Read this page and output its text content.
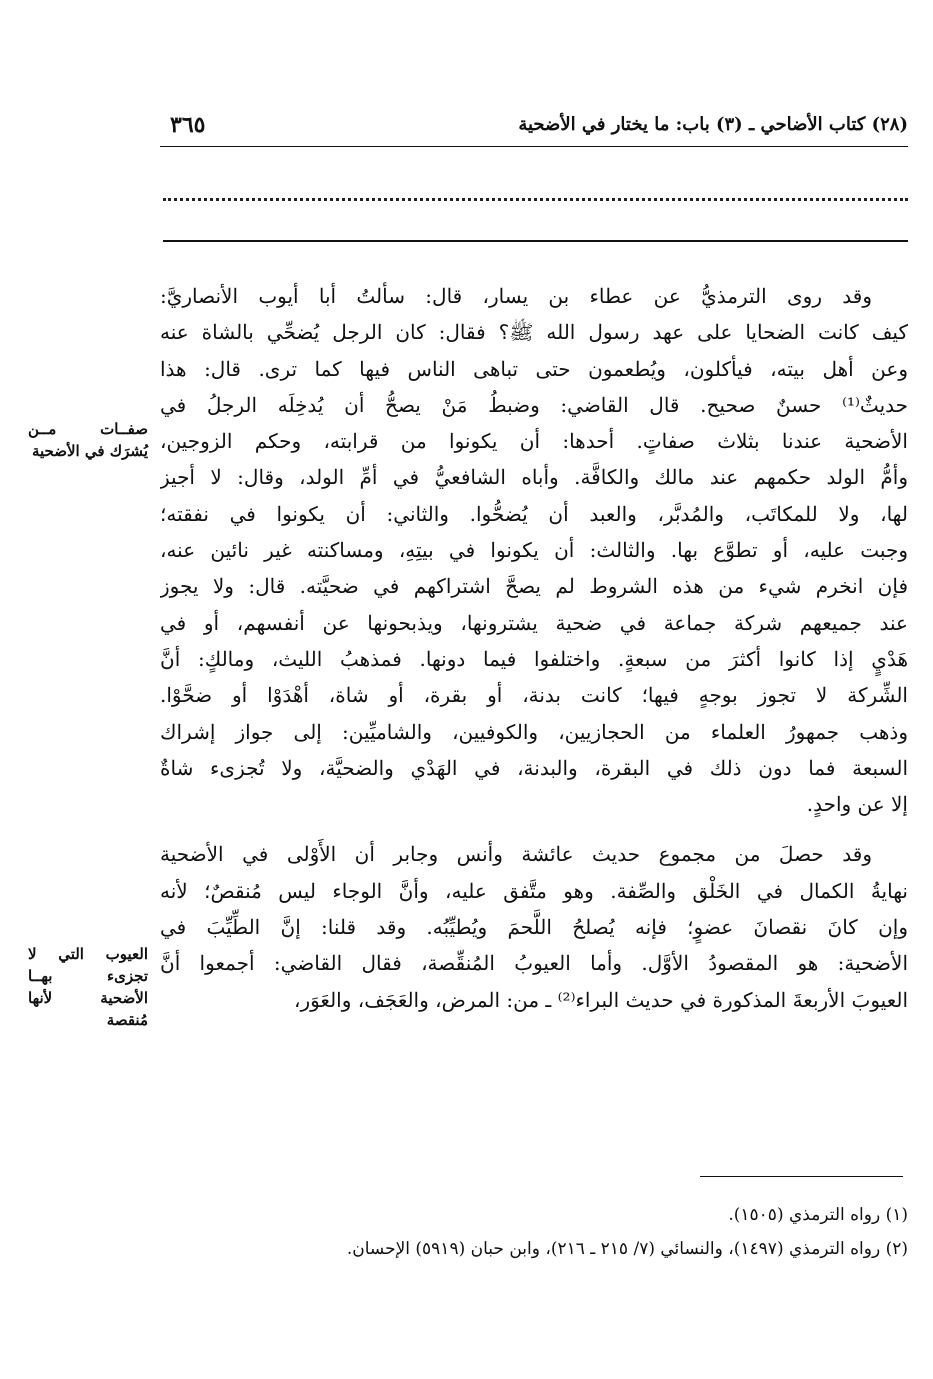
(٢٨) كتاب الأضاحي ـ (٣) باب: ما يختار في الأضحية
٣٦٥
وقد روى الترمذيُّ عن عطاء بن يسار، قال: سألتُ أبا أيوب الأنصاريَّ:
كيف كانت الضحايا على عهد رسول الله ﷺ؟ فقال: كان الرجل يُضحِّي بالشاة عنه
وعن أهل بيته، فيأكلون، ويُطعمون حتى تباهى الناس فيها كما ترى. قال: هذا
حديثٌ⁽¹⁾ حسنٌ صحيح. قال القاضي: وضبطُ مَنْ يصحُّ أن يُدخِلَه الرجلُ في
الأضحية عندنا بثلاث صفاتٍ. أحدها: أن يكونوا من قرابته، وحكم الزوجين،
وأمُّ الولد حكمهم عند مالك والكافَّة. وأباه الشافعيُّ في أمِّ الولد، وقال: لا أجيز
لها، ولا للمكاتَب، والمُدبَّر، والعبد أن يُضحُّوا. والثاني: أن يكونوا في نفقته؛
وجبت عليه، أو تطوَّع بها. والثالث: أن يكونوا في بيتِهِ، ومساكنته غير نائين عنه،
فإن انخرم شيء من هذه الشروط لم يصحَّ اشتراكهم في ضحيَّته. قال: ولا يجوز
عند جميعهم شركة جماعة في ضحية يشترونها، ويذبحونها عن أنفسهم، أو في
هَدْيٍ إذا كانوا أكثرَ من سبعةٍ. واختلفوا فيما دونها. فمذهبُ الليث، ومالكٍ: أنَّ
الشِّركة لا تجوز بوجهٍ فيها؛ كانت بدنة، أو بقرة، أو شاة، أهْدَوْا أو ضحَّوْا.
وذهب جمهورُ العلماء من الحجازيين، والكوفيين، والشاميِّين: إلى جواز إشراك
السبعة فما دون ذلك في البقرة، والبدنة، في الهَدْي والضحيَّة، ولا تُجزىء شاةٌ
إلا عن واحدٍ.
وقد حصلَ من مجموع حديث عائشة وأنس وجابر أن الأَوْلى في الأضحية
نهايةُ الكمال في الخَلْق والصِّفة. وهو متَّفق عليه، وأنَّ الوجاء ليس مُنقصٌ؛ لأنه
وإن كانَ نقصانَ عضوٍ؛ فإنه يُصلحُ اللَّحمَ ويُطيِّبُه. وقد قلنا: إنَّ الطِّيِّبَ في
الأضحية: هو المقصودُ الأوَّل. وأما العيوبُ المُنقِّصة، فقال القاضي: أجمعوا أنَّ
العيوبَ الأربعةَ المذكورة في حديث البراء⁽²⁾ ـ من: المرض، والعَجَف، والعَوَر،
صفــات مــن يُشرَك في الأضحية
العيوب التي لا تجزىء بهــا الأضحية لأنها مُنقصة
(١) رواه الترمذي (١٥٠٥).
(٢) رواه الترمذي (١٤٩٧)، والنسائي (٧/ ٢١٥ ـ ٢١٦)، وابن حبان (٥٩١٩) الإحسان.
